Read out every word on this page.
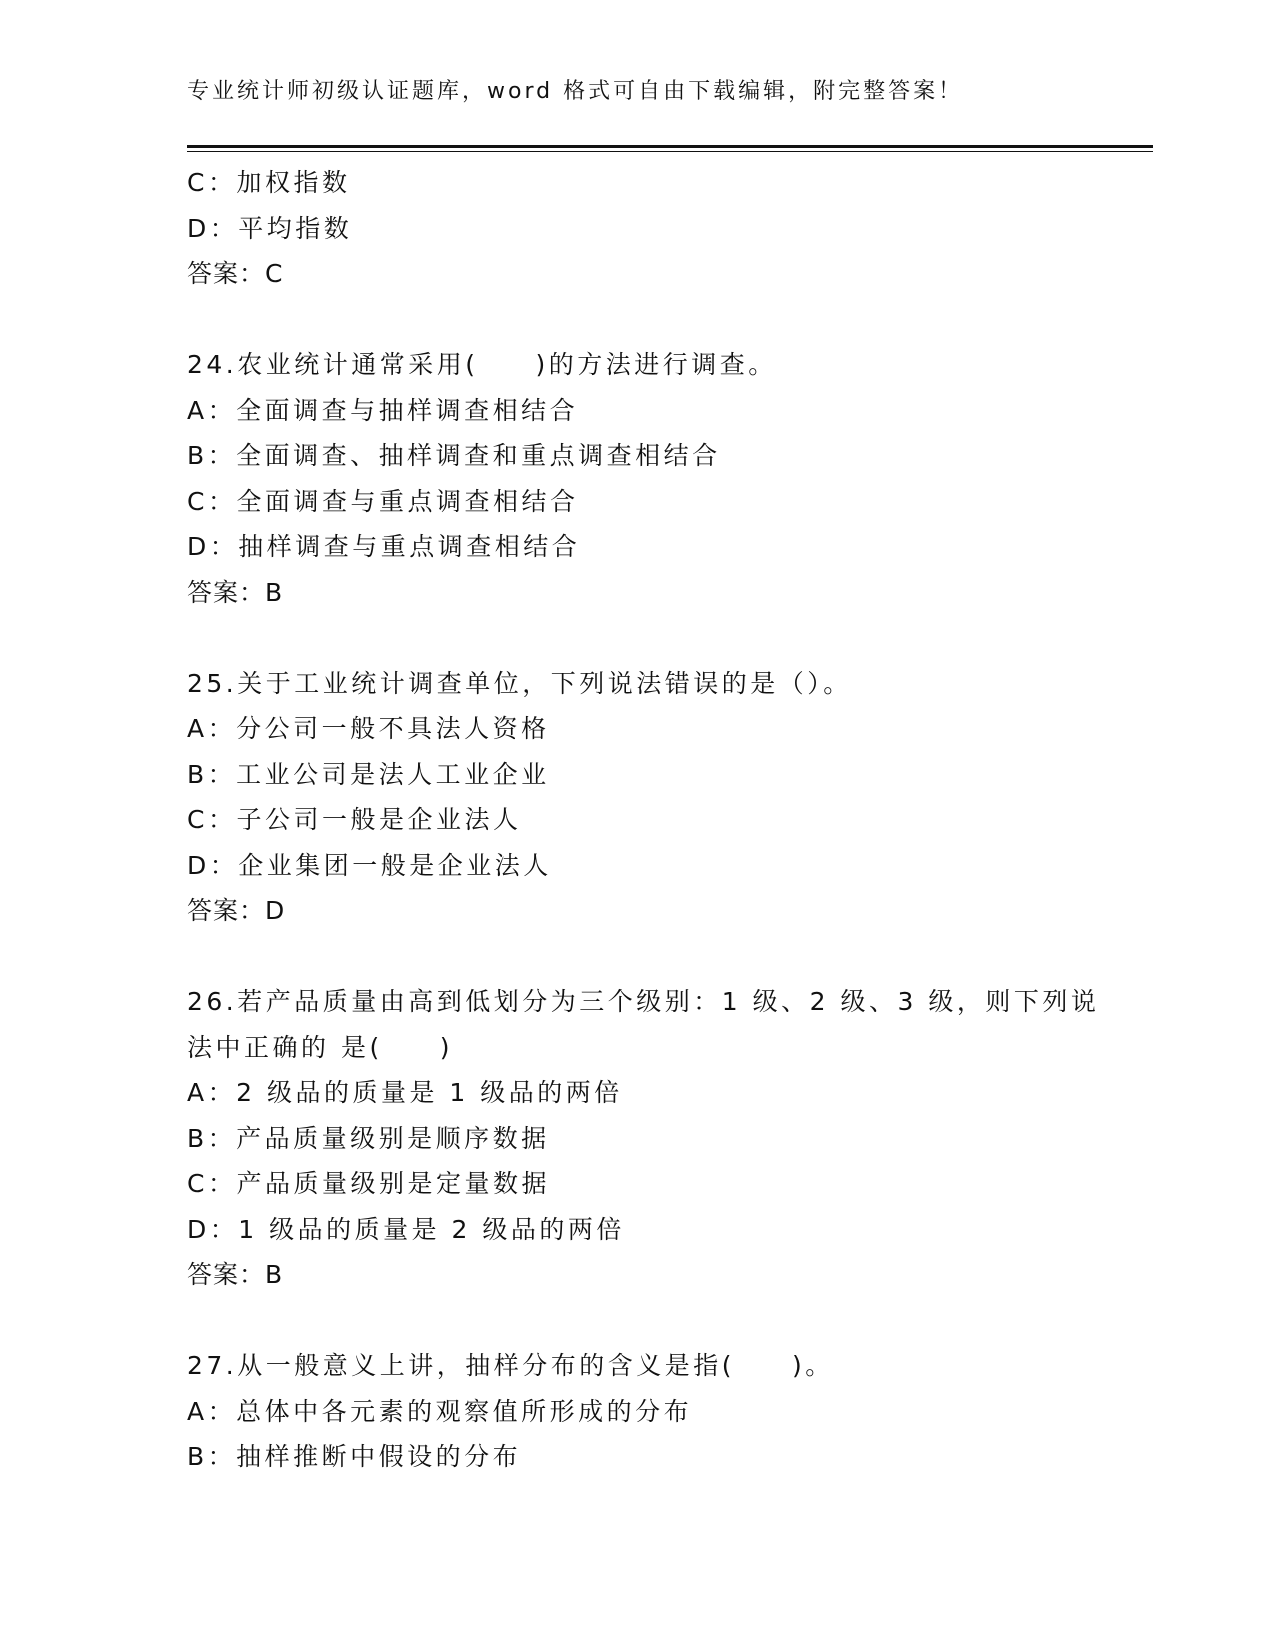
专业统计师初级认证题库，word 格式可自由下载编辑，附完整答案！
C：加权指数
D：平均指数
答案：C
24.农业统计通常采用(　　)的方法进行调查。
A：全面调查与抽样调查相结合
B：全面调查、抽样调查和重点调查相结合
C：全面调查与重点调查相结合
D：抽样调查与重点调查相结合
答案：B
25.关于工业统计调查单位，下列说法错误的是（）。
A：分公司一般不具法人资格
B：工业公司是法人工业企业
C：子公司一般是企业法人
D：企业集团一般是企业法人
答案：D
26.若产品质量由高到低划分为三个级别：1 级、2 级、3 级，则下列说
法中正确的 是(　　)
A：2 级品的质量是 1 级品的两倍
B：产品质量级别是顺序数据
C：产品质量级别是定量数据
D：1 级品的质量是 2 级品的两倍
答案：B
27.从一般意义上讲，抽样分布的含义是指(　　)。
A：总体中各元素的观察值所形成的分布
B：抽样推断中假设的分布
